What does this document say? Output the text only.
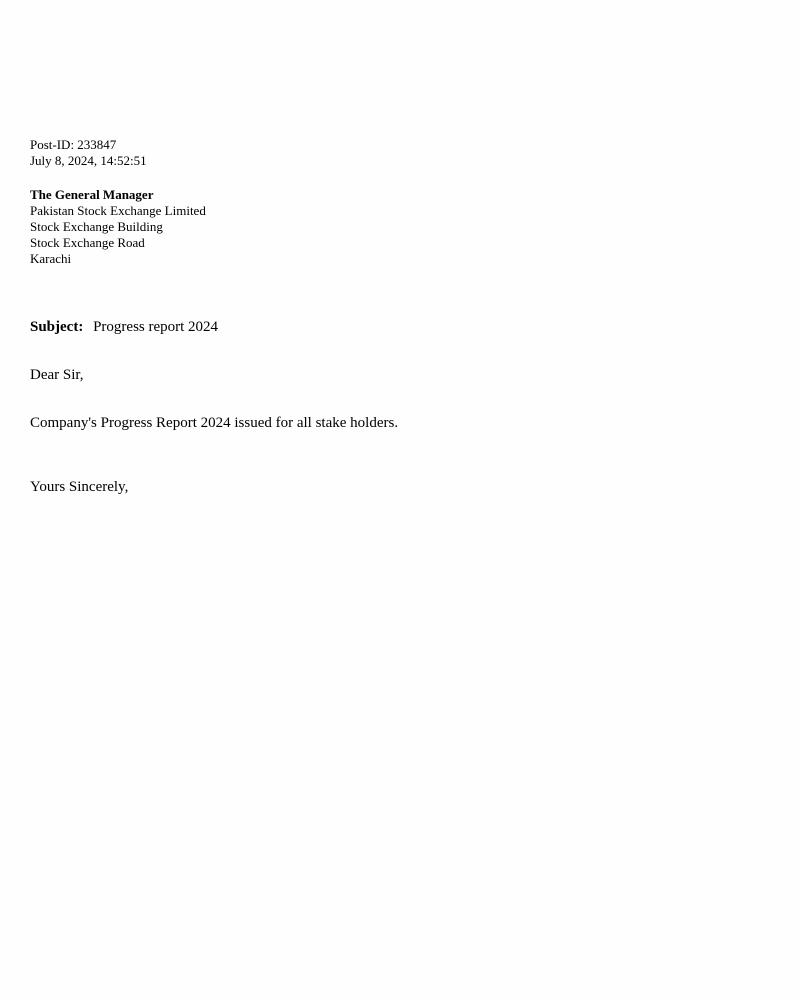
Post-ID: 233847
July 8, 2024, 14:52:51
The General Manager
Pakistan Stock Exchange Limited
Stock Exchange Building
Stock Exchange Road
Karachi
Subject: Progress report 2024
Dear Sir,
Company's Progress Report 2024 issued for all stake holders.
Yours Sincerely,
